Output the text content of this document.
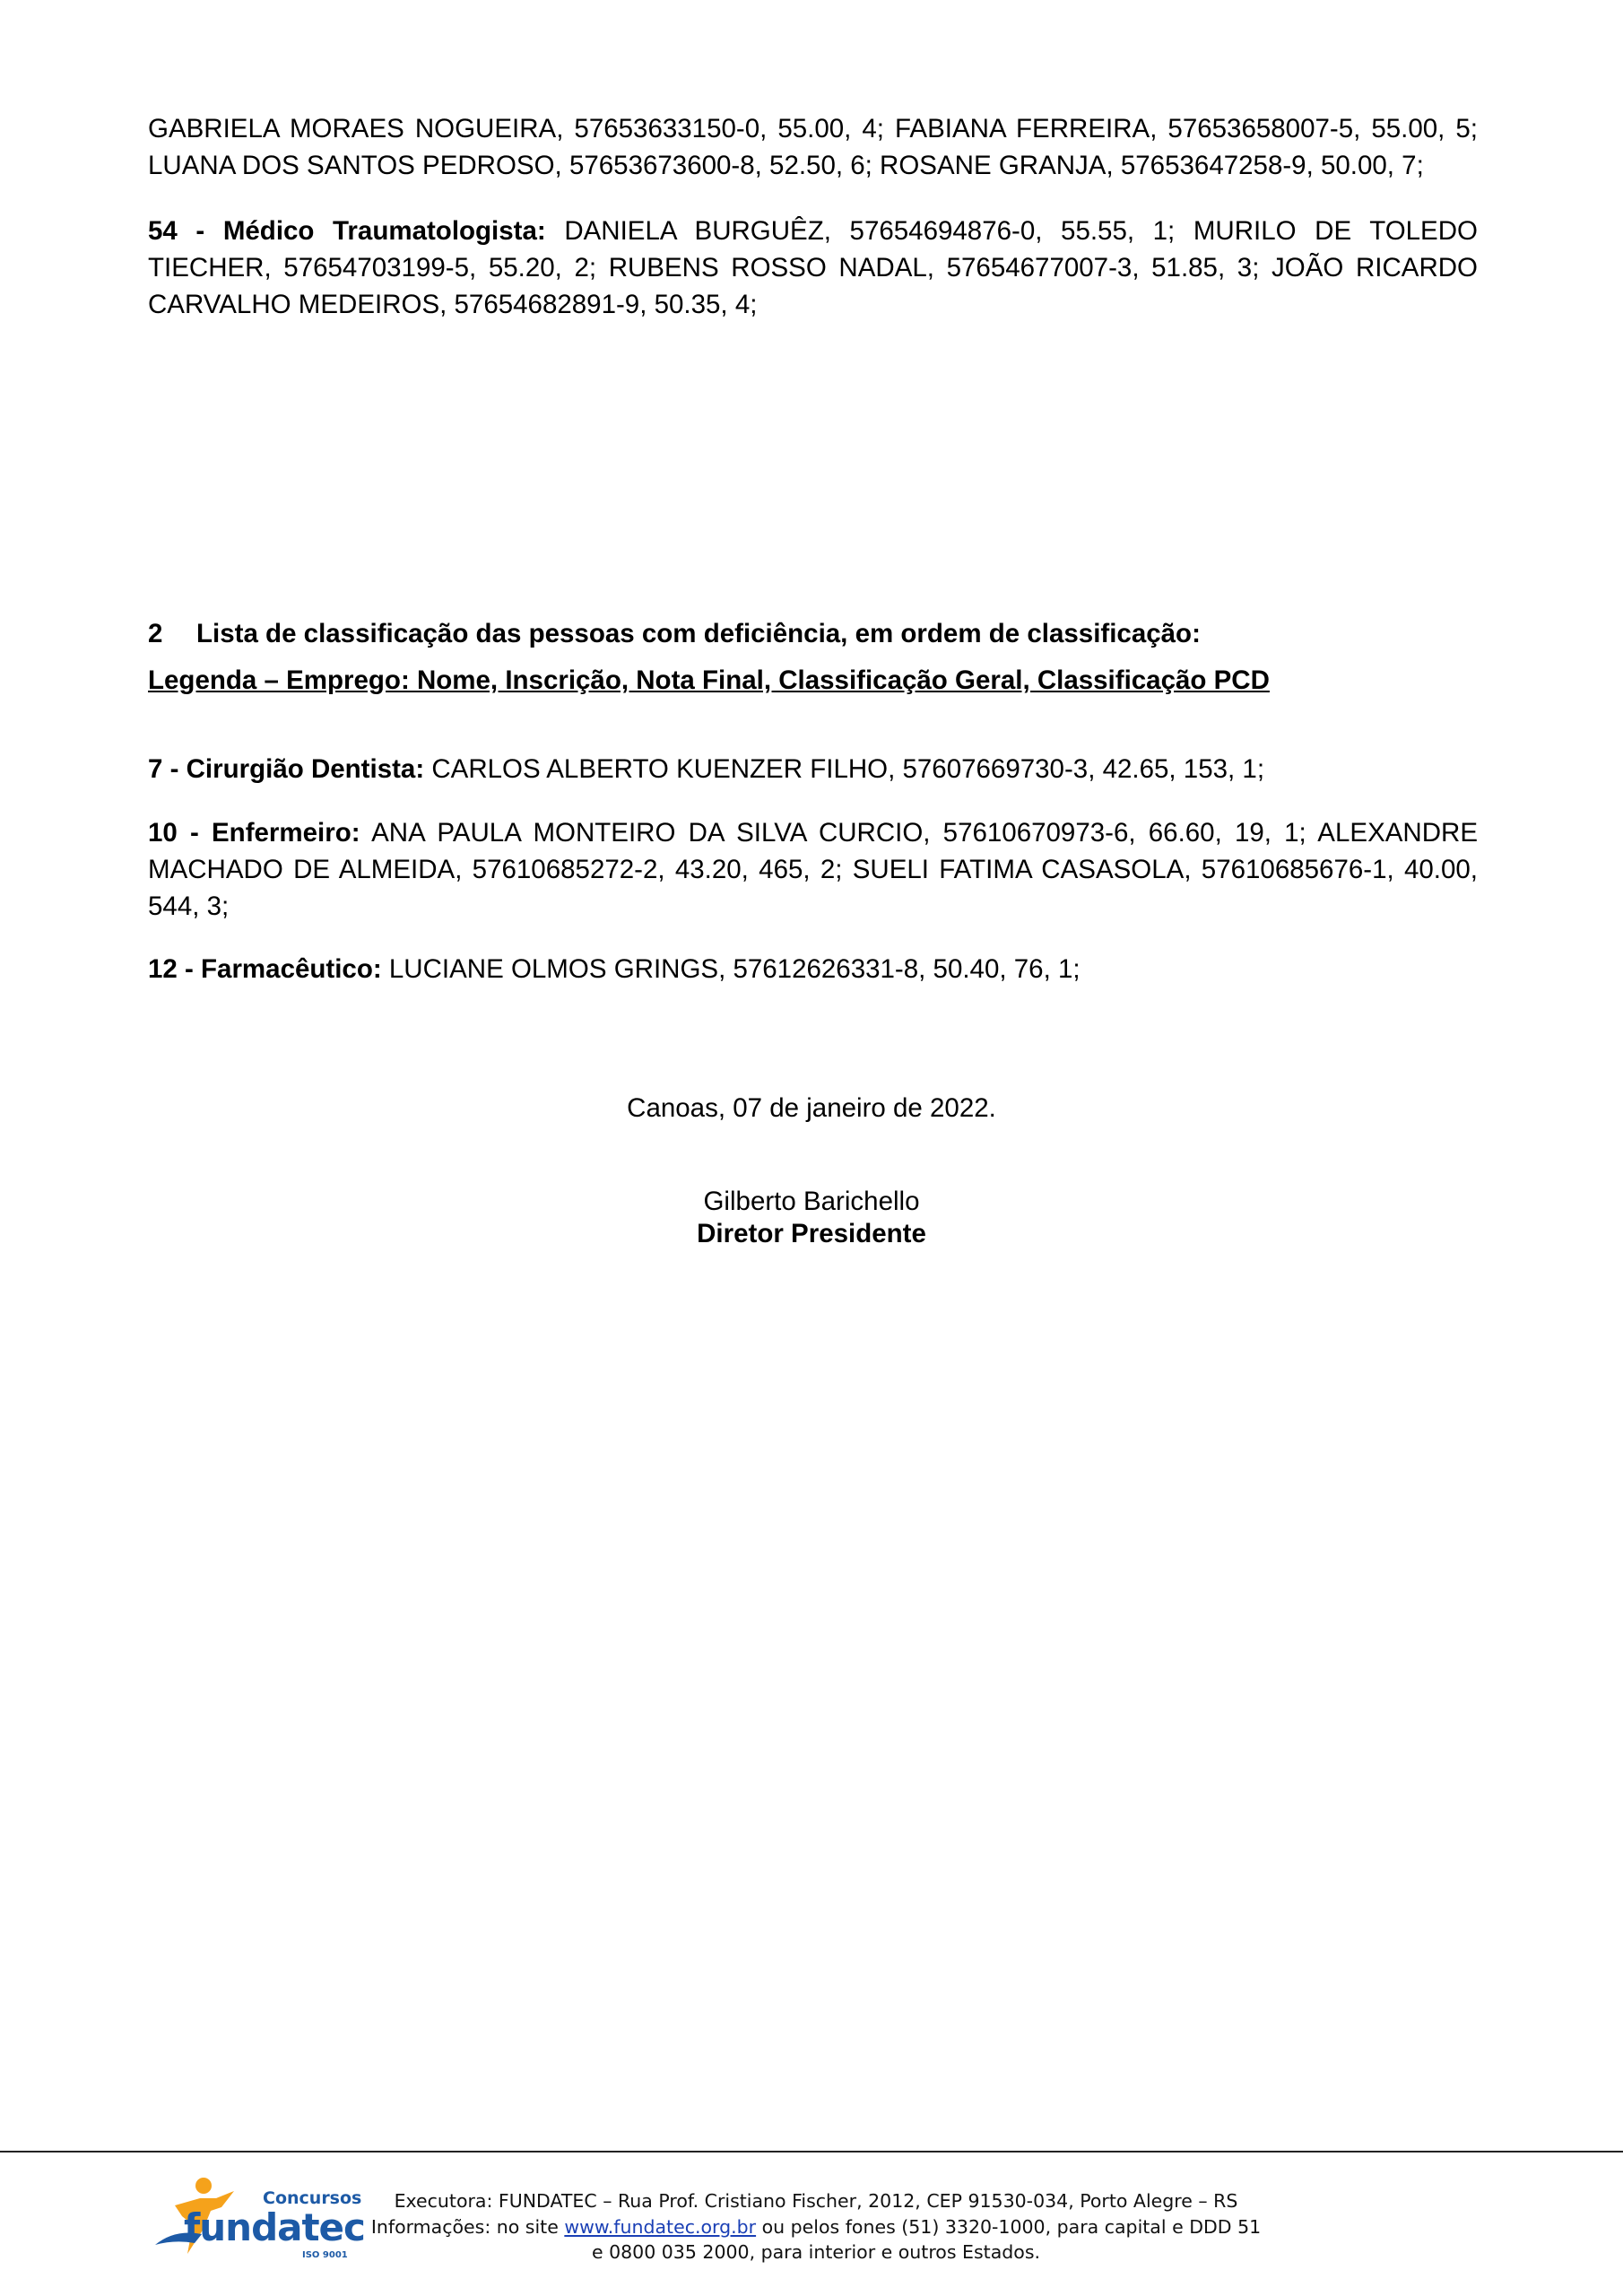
GABRIELA MORAES NOGUEIRA, 57653633150-0, 55.00, 4; FABIANA FERREIRA, 57653658007-5, 55.00, 5; LUANA DOS SANTOS PEDROSO, 57653673600-8, 52.50, 6; ROSANE GRANJA, 57653647258-9, 50.00, 7;

54 - Médico Traumatologista: DANIELA BURGUÊZ, 57654694876-0, 55.55, 1; MURILO DE TOLEDO TIECHER, 57654703199-5, 55.20, 2; RUBENS ROSSO NADAL, 57654677007-3, 51.85, 3; JOÃO RICARDO CARVALHO MEDEIROS, 57654682891-9, 50.35, 4;

2 Lista de classificação das pessoas com deficiência, em ordem de classificação:
Legenda – Emprego: Nome, Inscrição, Nota Final, Classificação Geral, Classificação PCD

7 - Cirurgião Dentista: CARLOS ALBERTO KUENZER FILHO, 57607669730-3, 42.65, 153, 1;

10 - Enfermeiro: ANA PAULA MONTEIRO DA SILVA CURCIO, 57610670973-6, 66.60, 19, 1; ALEXANDRE MACHADO DE ALMEIDA, 57610685272-2, 43.20, 465, 2; SUELI FATIMA CASASOLA, 57610685676-1, 40.00, 544, 3;

12 - Farmacêutico: LUCIANE OLMOS GRINGS, 57612626331-8, 50.40, 76, 1;

Canoas, 07 de janeiro de 2022.
Gilberto Barichello
Diretor Presidente
Concursos
fundatec
ISO 9001
Executora: FUNDATEC – Rua Prof. Cristiano Fischer, 2012, CEP 91530-034, Porto Alegre – RS
Informações: no site www.fundatec.org.br ou pelos fones (51) 3320-1000, para capital e DDD 51
e 0800 035 2000, para interior e outros Estados.
